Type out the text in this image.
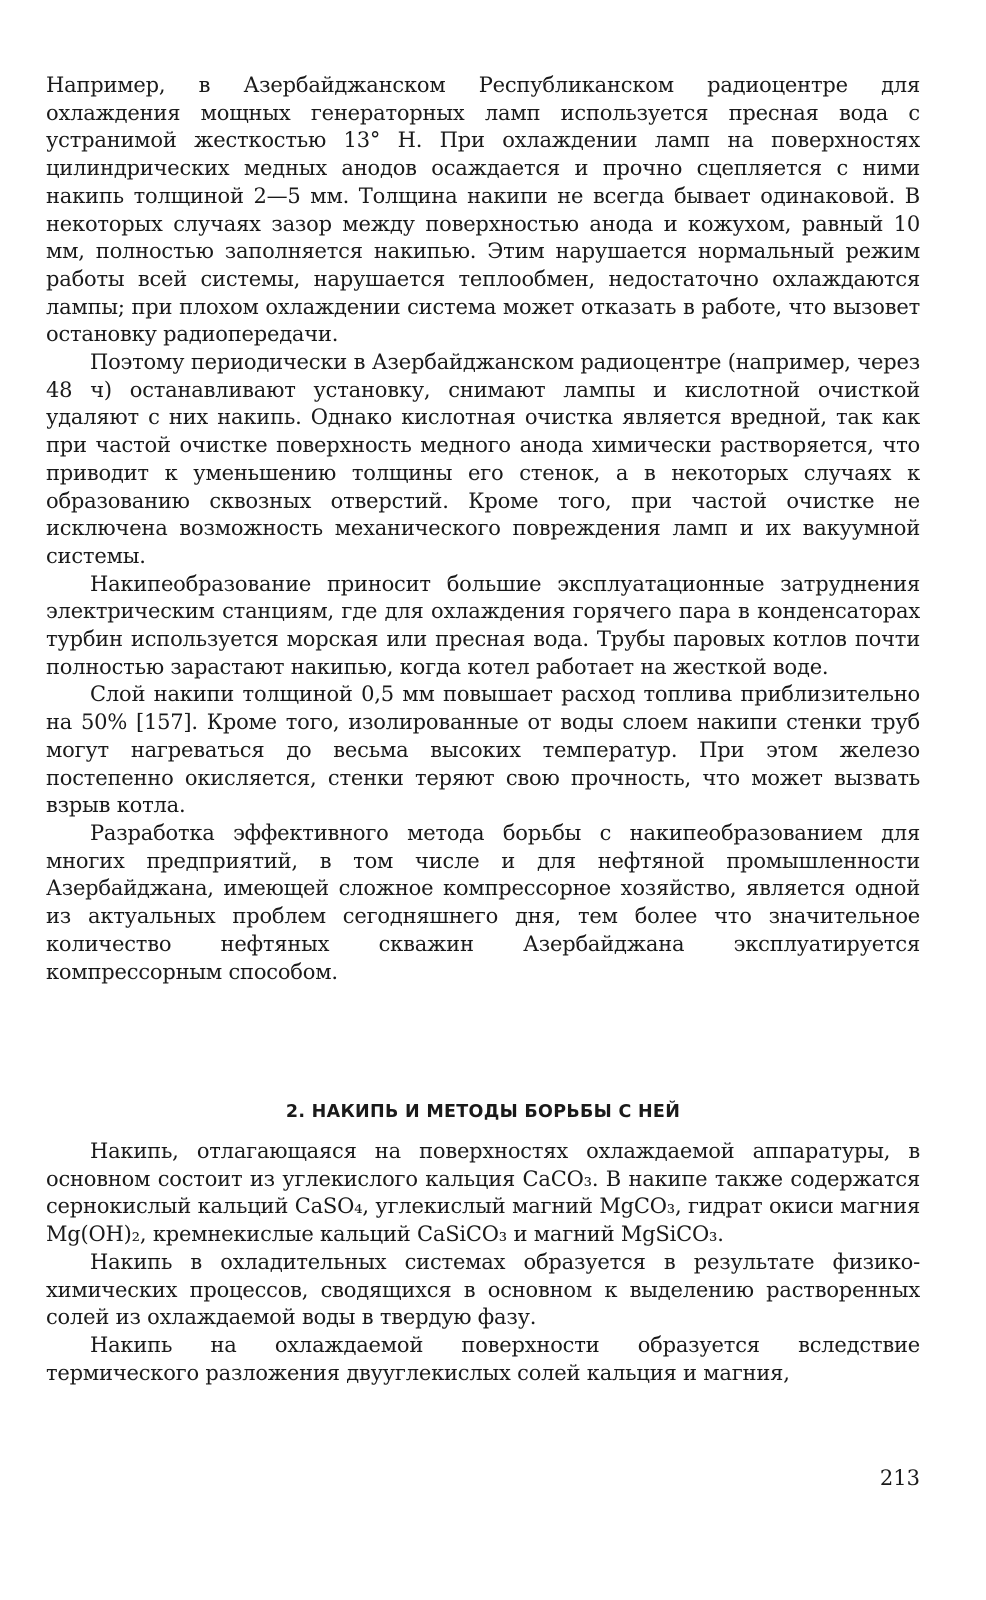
Например, в Азербайджанском Республиканском радиоцентре для охлаждения мощных генераторных ламп используется пресная вода с устранимой жесткостью 13° Н. При охлаждении ламп на поверхностях цилиндрических медных анодов осаждается и прочно сцепляется с ними накипь толщиной 2—5 мм. Толщина накипи не всегда бывает одинаковой. В некоторых случаях зазор между поверхностью анода и кожухом, равный 10 мм, полностью заполняется накипью. Этим нарушается нормальный режим работы всей системы, нарушается теплообмен, недостаточно охлаждаются лампы; при плохом охлаждении система может отказать в работе, что вызовет остановку радиопередачи.

Поэтому периодически в Азербайджанском радиоцентре (например, через 48 ч) останавливают установку, снимают лампы и кислотной очисткой удаляют с них накипь. Однако кислотная очистка является вредной, так как при частой очистке поверхность медного анода химически растворяется, что приводит к уменьшению толщины его стенок, а в некоторых случаях к образованию сквозных отверстий. Кроме того, при частой очистке не исключена возможность механического повреждения ламп и их вакуумной системы.

Накипеобразование приносит большие эксплуатационные затруднения электрическим станциям, где для охлаждения горячего пара в конденсаторах турбин используется морская или пресная вода. Трубы паровых котлов почти полностью зарастают накипью, когда котел работает на жесткой воде.

Слой накипи толщиной 0,5 мм повышает расход топлива приблизительно на 50% [157]. Кроме того, изолированные от воды слоем накипи стенки труб могут нагреваться до весьма высоких температур. При этом железо постепенно окисляется, стенки теряют свою прочность, что может вызвать взрыв котла.

Разработка эффективного метода борьбы с накипеобразованием для многих предприятий, в том числе и для нефтяной промышленности Азербайджана, имеющей сложное компрессорное хозяйство, является одной из актуальных проблем сегодняшнего дня, тем более что значительное количество нефтяных скважин Азербайджана эксплуатируется компрессорным способом.

2. НАКИПЬ И МЕТОДЫ БОРЬБЫ С НЕЙ

Накипь, отлагающаяся на поверхностях охлаждаемой аппаратуры, в основном состоит из углекислого кальция CaCO₃. В накипе также содержатся сернокислый кальций CaSO₄, углекислый магний MgCO₃, гидрат окиси магния Mg(OH)₂, кремнекислые кальций CaSiCO₃ и магний MgSiCO₃.

Накипь в охладительных системах образуется в результате физико-химических процессов, сводящихся в основном к выделению растворенных солей из охлаждаемой воды в твердую фазу.

Накипь на охлаждаемой поверхности образуется вследствие термического разложения двууглекислых солей кальция и магния,

213
